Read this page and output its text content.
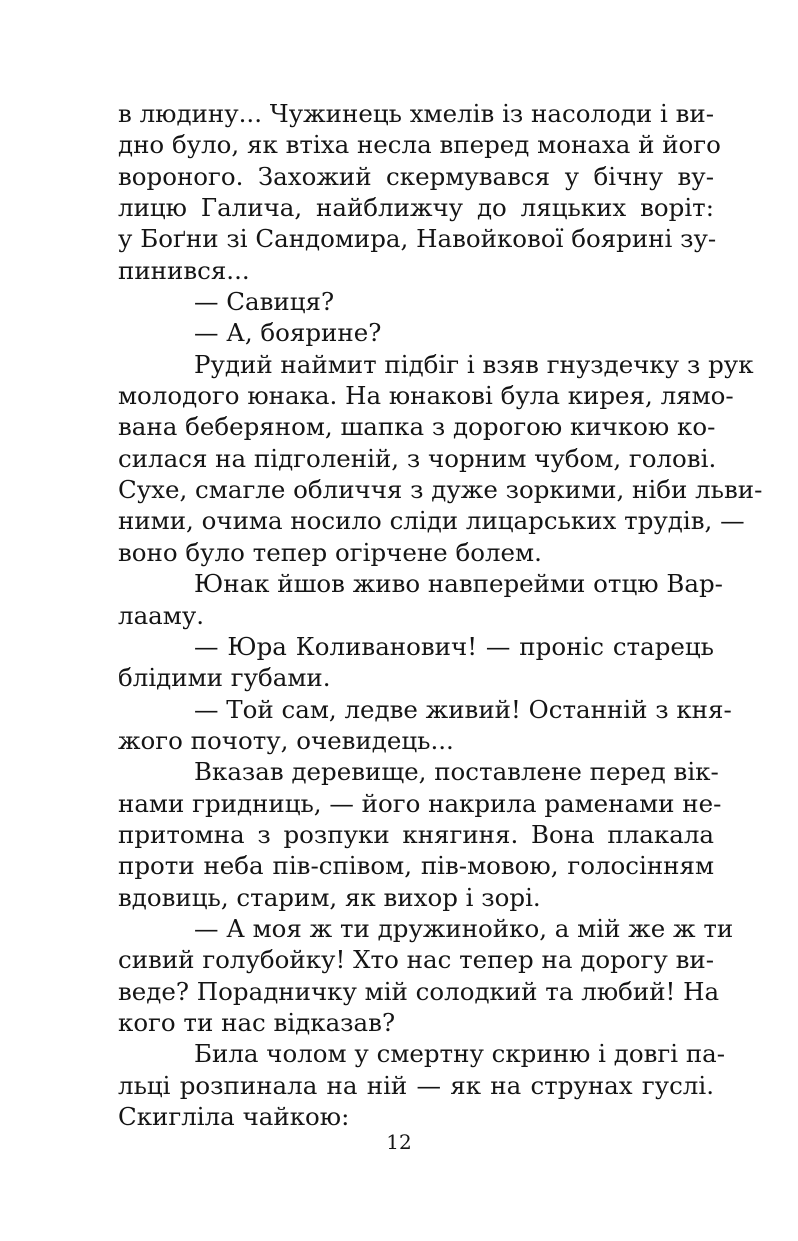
в людину... Чужинець хмелів із насолоди і ви-
дно було, як втіха несла вперед монаха й його
вороного. Захожий скермувався у бічну ву-
лицю Галича, найближчу до ляцьких воріт:
у Боґни зі Сандомира, Навойкової боярині зу-
пинився...
— Савиця?
— А, боярине?
Рудий наймит підбіг і взяв гнуздечку з рук
молодого юнака. На юнакові була кирея, лямо-
вана беберяном, шапка з дорогою кичкою ко-
силася на підголеній, з чорним чубом, голові.
Сухе, смагле обличчя з дуже зоркими, ніби льви-
ними, очима носило сліди лицарських трудів, —
воно було тепер огірчене болем.
Юнак йшов живо навперейми отцю Вар-
лааму.
— Юра Коливанович! — проніс старець
блідими губами.
— Той сам, ледве живий! Останній з кня-
жого почоту, очевидець...
Вказав деревище, поставлене перед вік-
нами гридниць, — його накрила раменами не-
притомна з розпуки княгиня. Вона плакала
проти неба пів-співом, пів-мовою, голосінням
вдовиць, старим, як вихор і зорі.
— А моя ж ти дружинойко, а мій же ж ти
сивий голубойку! Хто нас тепер на дорогу ви-
веде? Порадничку мій солодкий та любий! На
кого ти нас відказав?
Била чолом у смертну скриню і довгі па-
льці розпинала на ній — як на струнах гуслі.
Скигліла чайкою:
12
